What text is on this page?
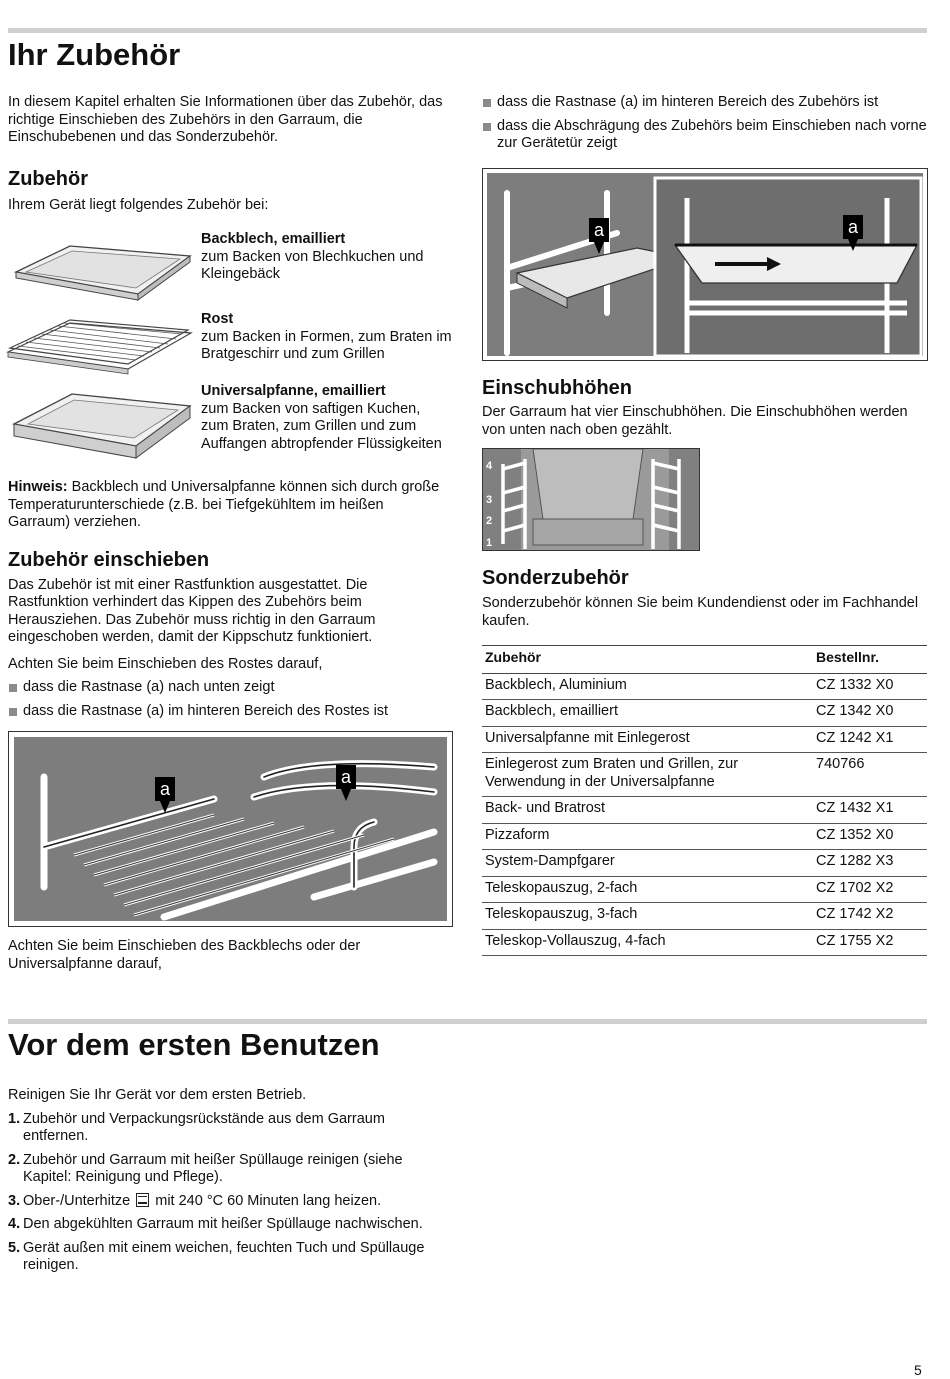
Ihr Zubehör

In diesem Kapitel erhalten Sie Informationen über das Zubehör, das richtige Einschieben des Zubehörs in den Garraum, die Einschubebenen und das Sonderzubehör.

Zubehör

Ihrem Gerät liegt folgendes Zubehör bei:

Backblech, emailliert
zum Backen von Blechkuchen und Kleingebäck
Rost
zum Backen in Formen, zum Braten im Bratgeschirr und zum Grillen
Universalpfanne, emailliert
zum Backen von saftigen Kuchen, zum Braten, zum Grillen und zum Auffangen abtropfender Flüssigkeiten

Hinweis: Backblech und Universalpfanne können sich durch große Temperaturunterschiede (z.B. bei Tiefgekühltem im heißen Garraum) verziehen.

Zubehör einschieben

Das Zubehör ist mit einer Rastfunktion ausgestattet. Die Rastfunktion verhindert das Kippen des Zubehörs beim Herausziehen. Das Zubehör muss richtig in den Garraum eingeschoben werden, damit der Kippschutz funktioniert.

Achten Sie beim Einschieben des Rostes darauf,

dass die Rastnase (a) nach unten zeigt
dass die Rastnase (a) im hinteren Bereich des Rostes ist
a
a

Achten Sie beim Einschieben des Backblechs oder der Universalpfanne darauf,

dass die Rastnase (a) im hinteren Bereich des Zubehörs ist
dass die Abschrägung des Zubehörs beim Einschieben nach vorne zur Gerätetür zeigt
a	a
Einschubhöhen

Der Garraum hat vier Einschubhöhen. Die Einschubhöhen werden von unten nach oben gezählt.

4
3
2
1
Sonderzubehör

Sonderzubehör können Sie beim Kundendienst oder im Fachhandel kaufen.

Zubehör	Bestellnr.
Backblech, Aluminium	CZ 1332 X0
Backblech, emailliert	CZ 1342 X0
Universalpfanne mit Einlegerost	CZ 1242 X1
Einlegerost zum Braten und Grillen, zur Verwendung in der Universalpfanne	740766
Back- und Bratrost	CZ 1432 X1
Pizzaform	CZ 1352 X0
System-Dampfgarer	CZ 1282 X3
Teleskopauszug, 2-fach	CZ 1702 X2
Teleskopauszug, 3-fach	CZ 1742 X2
Teleskop-Vollauszug, 4-fach	CZ 1755 X2
Vor dem ersten Benutzen

Reinigen Sie Ihr Gerät vor dem ersten Betrieb.

1. Zubehör und Verpackungsrückstände aus dem Garraum entfernen.
2. Zubehör und Garraum mit heißer Spüllauge reinigen (siehe Kapitel: Reinigung und Pflege).
3. Ober-/Unterhitze mit 240 °C 60 Minuten lang heizen.
4. Den abgekühlten Garraum mit heißer Spüllauge nachwischen.
5. Gerät außen mit einem weichen, feuchten Tuch und Spüllauge reinigen.
5
